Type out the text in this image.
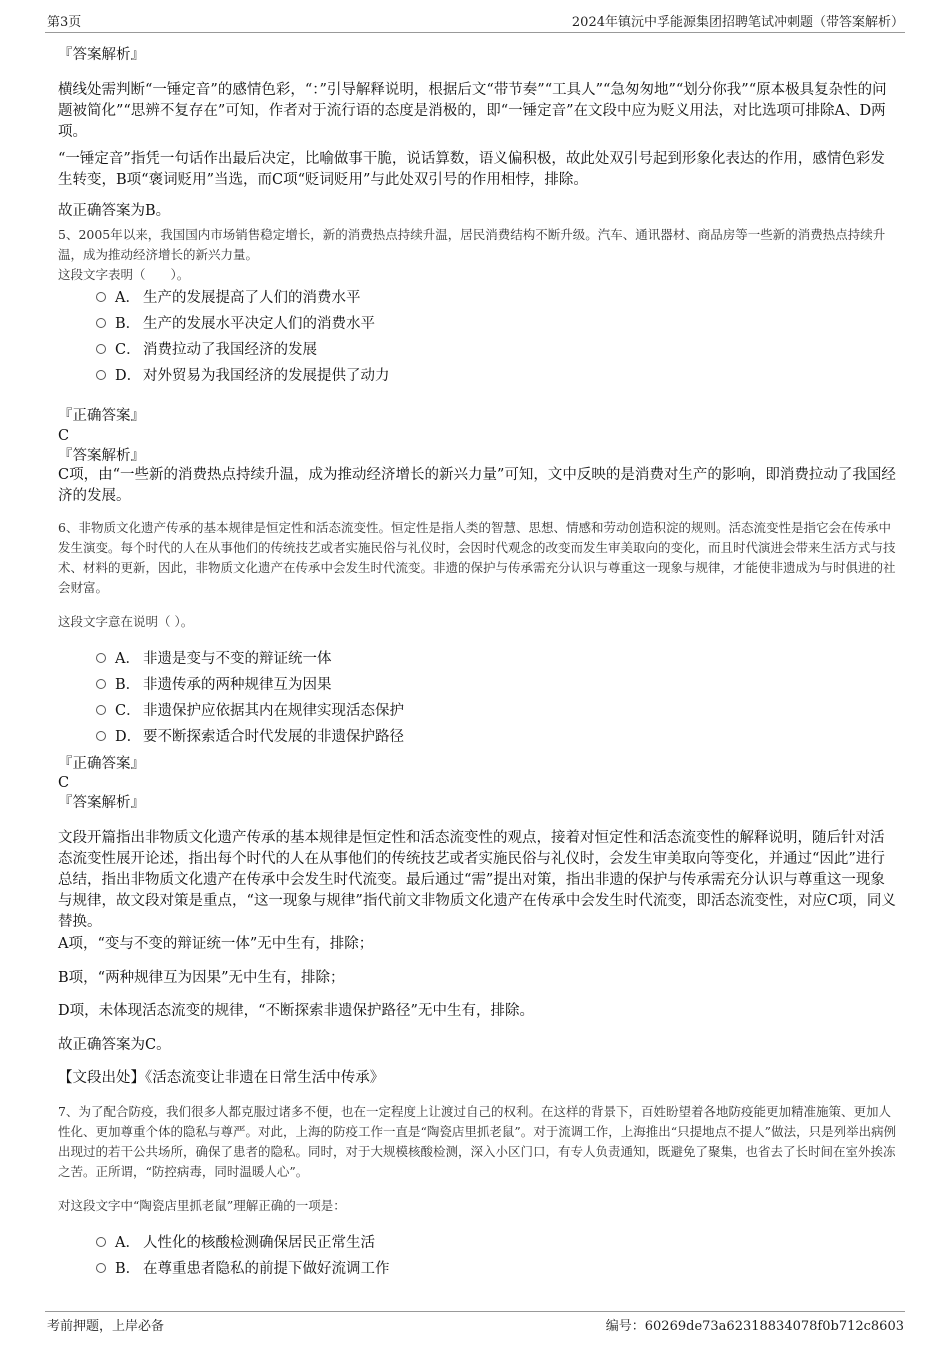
第3页	2024年镇沅中孚能源集团招聘笔试冲刺题（带答案解析）

『答案解析』

横线处需判断“一锤定音”的感情色彩，“：”引导解释说明，根据后文“带节奏”“工具人”“急匆匆地”“划分你我”“原本极具复杂性的问题被简化”“思辨不复存在”可知，作者对于流行语的态度是消极的，即“一锤定音”在文段中应为贬义用法，对比选项可排除A、D两项。

“一锤定音”指凭一句话作出最后决定，比喻做事干脆，说话算数，语义偏积极，故此处双引号起到形象化表达的作用，感情色彩发生转变，B项“褒词贬用”当选，而C项“贬词贬用”与此处双引号的作用相悖，排除。

故正确答案为B。

5、2005年以来，我国国内市场销售稳定增长，新的消费热点持续升温，居民消费结构不断升级。汽车、通讯器材、商品房等一些新的消费热点持续升温，成为推动经济增长的新兴力量。

这段文字表明（　　）。

A． 生产的发展提高了人们的消费水平
B． 生产的发展水平决定人们的消费水平
C． 消费拉动了我国经济的发展
D． 对外贸易为我国经济的发展提供了动力

『正确答案』

C

『答案解析』

C项，由“一些新的消费热点持续升温，成为推动经济增长的新兴力量”可知，文中反映的是消费对生产的影响，即消费拉动了我国经济的发展。

6、非物质文化遗产传承的基本规律是恒定性和活态流变性。恒定性是指人类的智慧、思想、情感和劳动创造积淀的规则。活态流变性是指它会在传承中发生演变。每个时代的人在从事他们的传统技艺或者实施民俗与礼仪时，会因时代观念的改变而发生审美取向的变化，而且时代演进会带来生活方式与技术、材料的更新，因此，非物质文化遗产在传承中会发生时代流变。非遗的保护与传承需充分认识与尊重这一现象与规律，才能使非遗成为与时俱进的社会财富。

这段文字意在说明（ ）。

A． 非遗是变与不变的辩证统一体
B． 非遗传承的两种规律互为因果
C． 非遗保护应依据其内在规律实现活态保护
D． 要不断探索适合时代发展的非遗保护路径

『正确答案』

C

『答案解析』

文段开篇指出非物质文化遗产传承的基本规律是恒定性和活态流变性的观点，接着对恒定性和活态流变性的解释说明，随后针对活态流变性展开论述，指出每个时代的人在从事他们的传统技艺或者实施民俗与礼仪时，会发生审美取向等变化，并通过“因此”进行总结，指出非物质文化遗产在传承中会发生时代流变。最后通过“需”提出对策，指出非遗的保护与传承需充分认识与尊重这一现象与规律，故文段对策是重点，“这一现象与规律”指代前文非物质文化遗产在传承中会发生时代流变，即活态流变性，对应C项，同义替换。

A项，“变与不变的辩证统一体”无中生有，排除；

B项，“两种规律互为因果”无中生有，排除；

D项，未体现活态流变的规律，“不断探索非遗保护路径”无中生有，排除。

故正确答案为C。

【文段出处】《活态流变让非遗在日常生活中传承》

7、为了配合防疫，我们很多人都克服过诸多不便，也在一定程度上让渡过自己的权利。在这样的背景下，百姓盼望着各地防疫能更加精准施策、更加人性化、更加尊重个体的隐私与尊严。对此，上海的防疫工作一直是“陶瓷店里抓老鼠”。对于流调工作，上海推出“只提地点不提人”做法，只是列举出病例出现过的若干公共场所，确保了患者的隐私。同时，对于大规模核酸检测，深入小区门口，有专人负责通知，既避免了聚集，也省去了长时间在室外挨冻之苦。正所谓，“防控病毒，同时温暖人心”。

对这段文字中“陶瓷店里抓老鼠”理解正确的一项是：

A． 人性化的核酸检测确保居民正常生活
B． 在尊重患者隐私的前提下做好流调工作
考前押题，上岸必备	编号：60269de73a62318834078f0b712c8603
